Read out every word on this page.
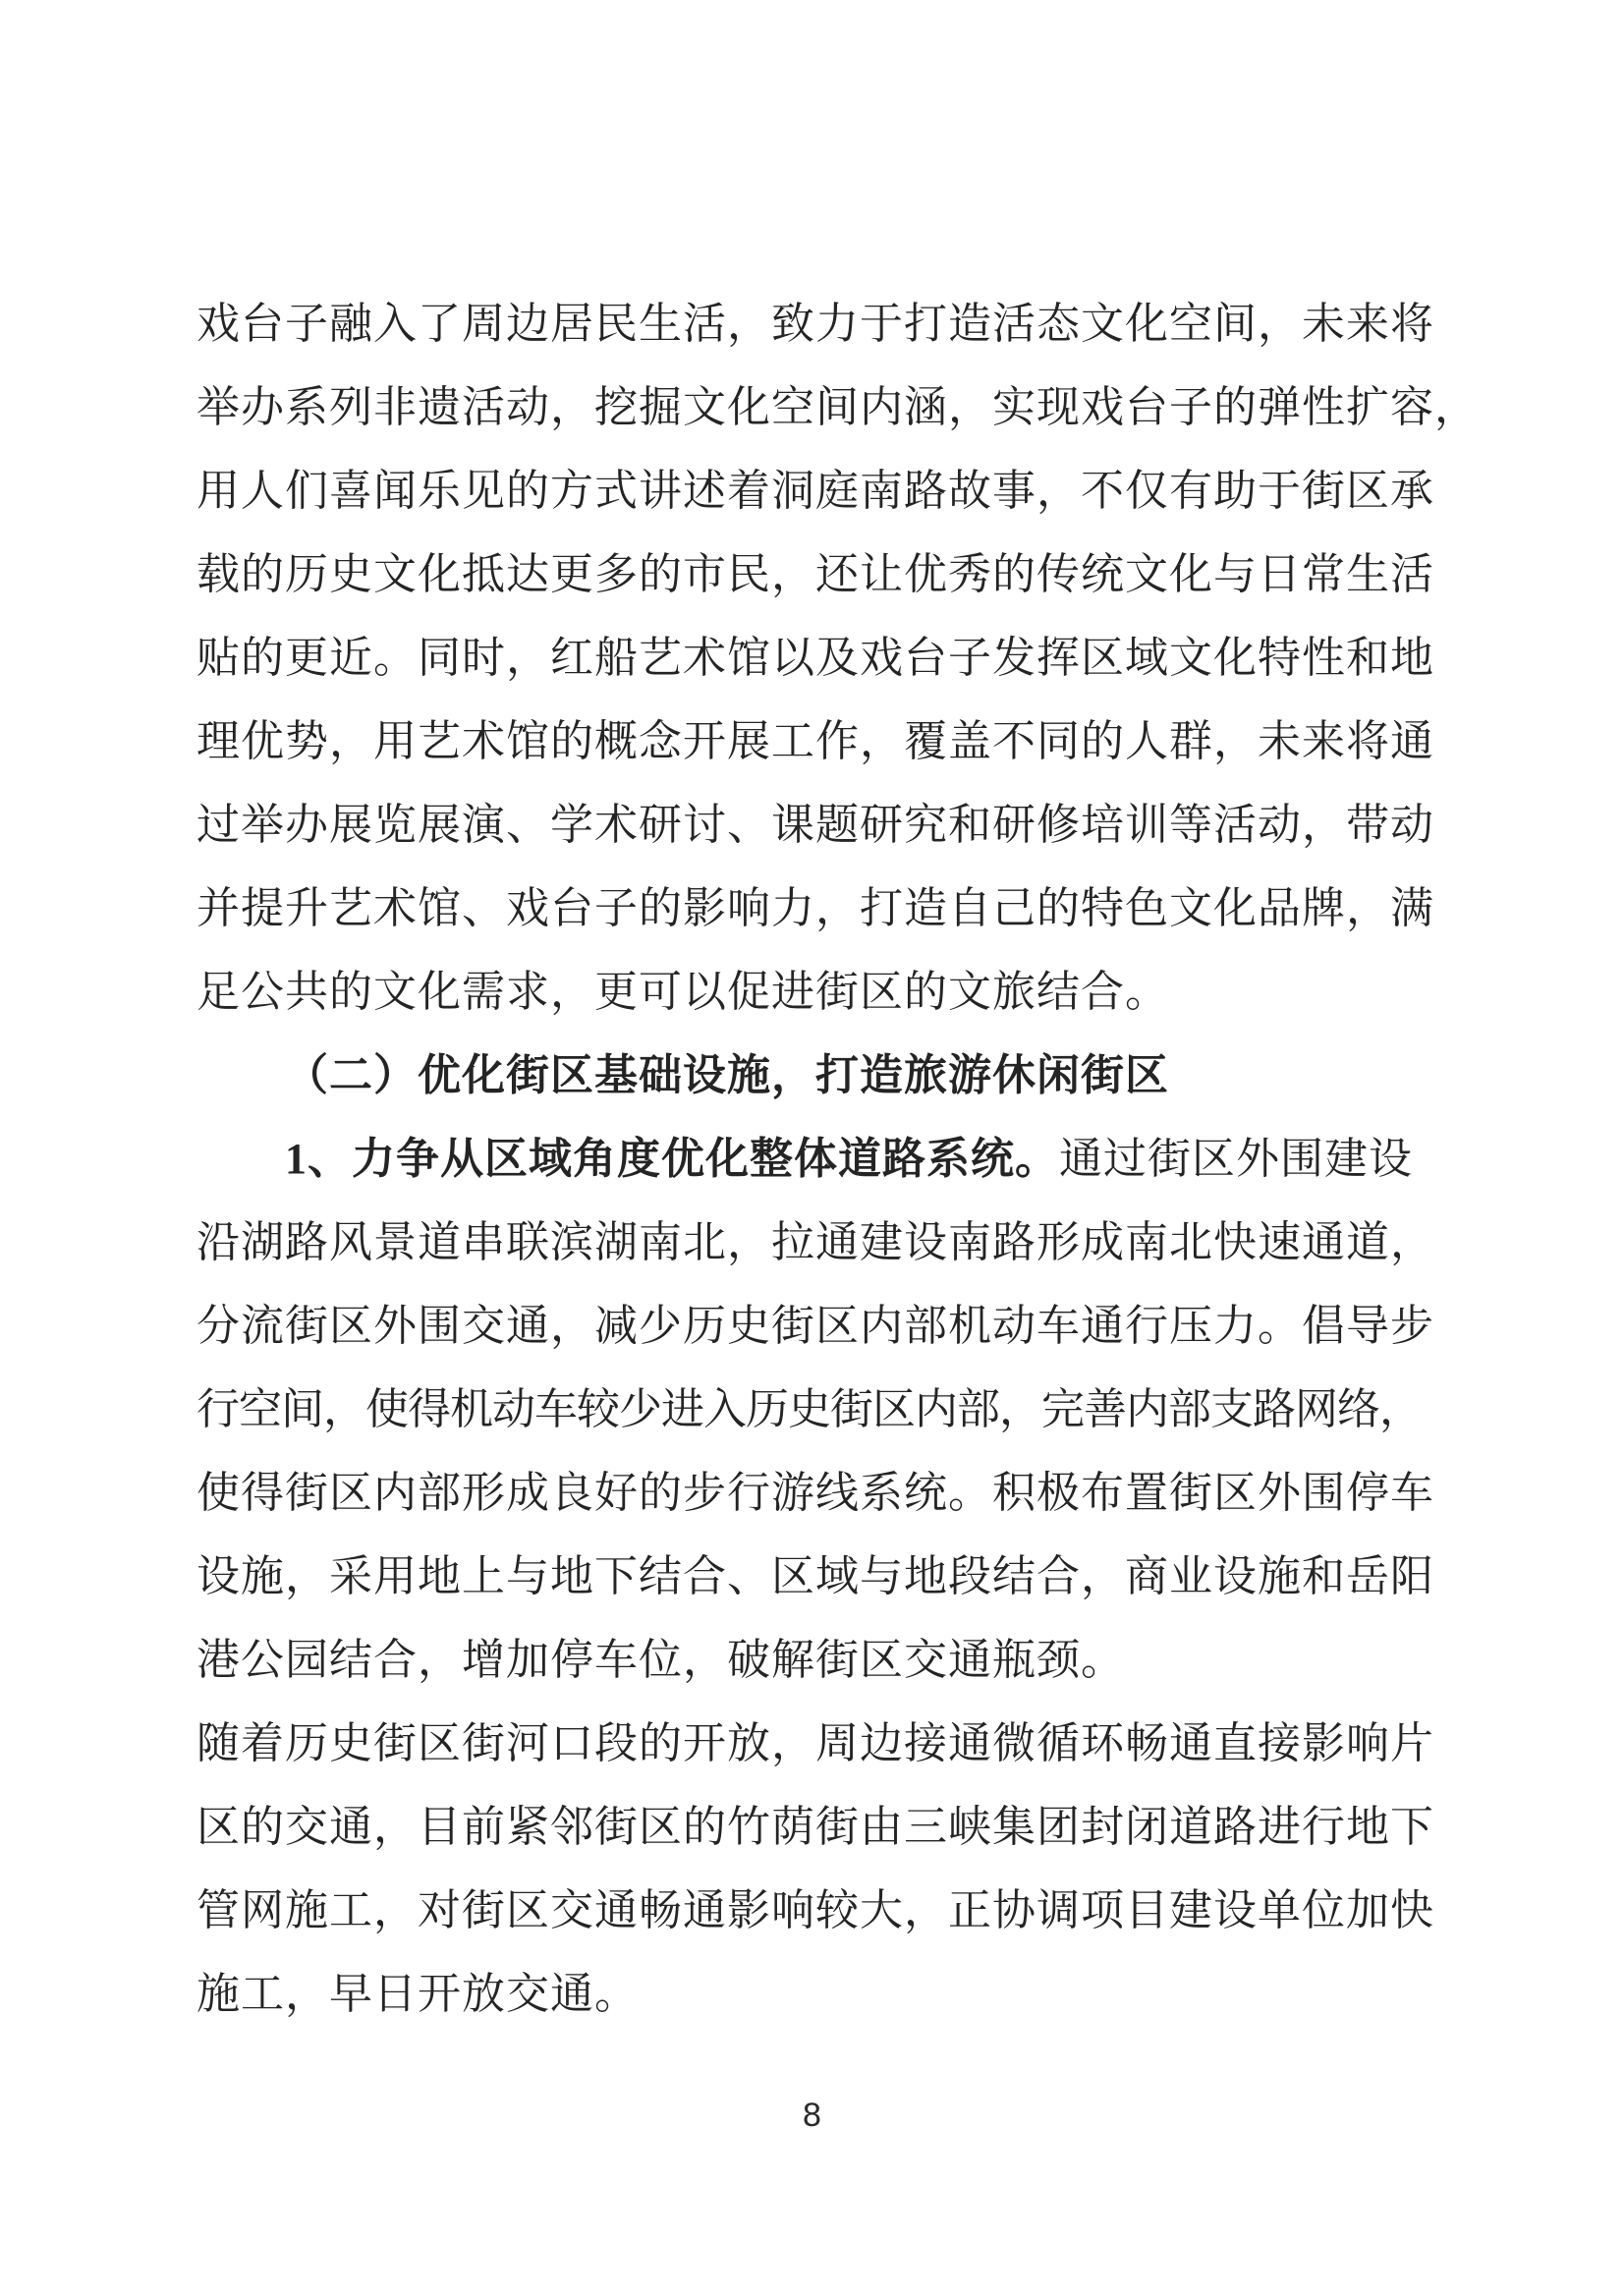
戏台子融入了周边居民生活，致力于打造活态文化空间，未来将
举办系列非遗活动，挖掘文化空间内涵，实现戏台子的弹性扩容，
用人们喜闻乐见的方式讲述着洞庭南路故事，不仅有助于街区承
载的历史文化抵达更多的市民，还让优秀的传统文化与日常生活
贴的更近。同时，红船艺术馆以及戏台子发挥区域文化特性和地
理优势，用艺术馆的概念开展工作，覆盖不同的人群，未来将通
过举办展览展演、学术研讨、课题研究和研修培训等活动，带动
并提升艺术馆、戏台子的影响力，打造自己的特色文化品牌，满
足公共的文化需求，更可以促进街区的文旅结合。
（二）优化街区基础设施，打造旅游休闲街区
1、力争从区域角度优化整体道路系统。通过街区外围建设
沿湖路风景道串联滨湖南北，拉通建设南路形成南北快速通道，
分流街区外围交通，减少历史街区内部机动车通行压力。倡导步
行空间，使得机动车较少进入历史街区内部，完善内部支路网络，
使得街区内部形成良好的步行游线系统。积极布置街区外围停车
设施，采用地上与地下结合、区域与地段结合，商业设施和岳阳
港公园结合，增加停车位，破解街区交通瓶颈。
随着历史街区街河口段的开放，周边接通微循环畅通直接影响片
区的交通，目前紧邻街区的竹荫街由三峡集团封闭道路进行地下
管网施工，对街区交通畅通影响较大，正协调项目建设单位加快
施工，早日开放交通。
8
